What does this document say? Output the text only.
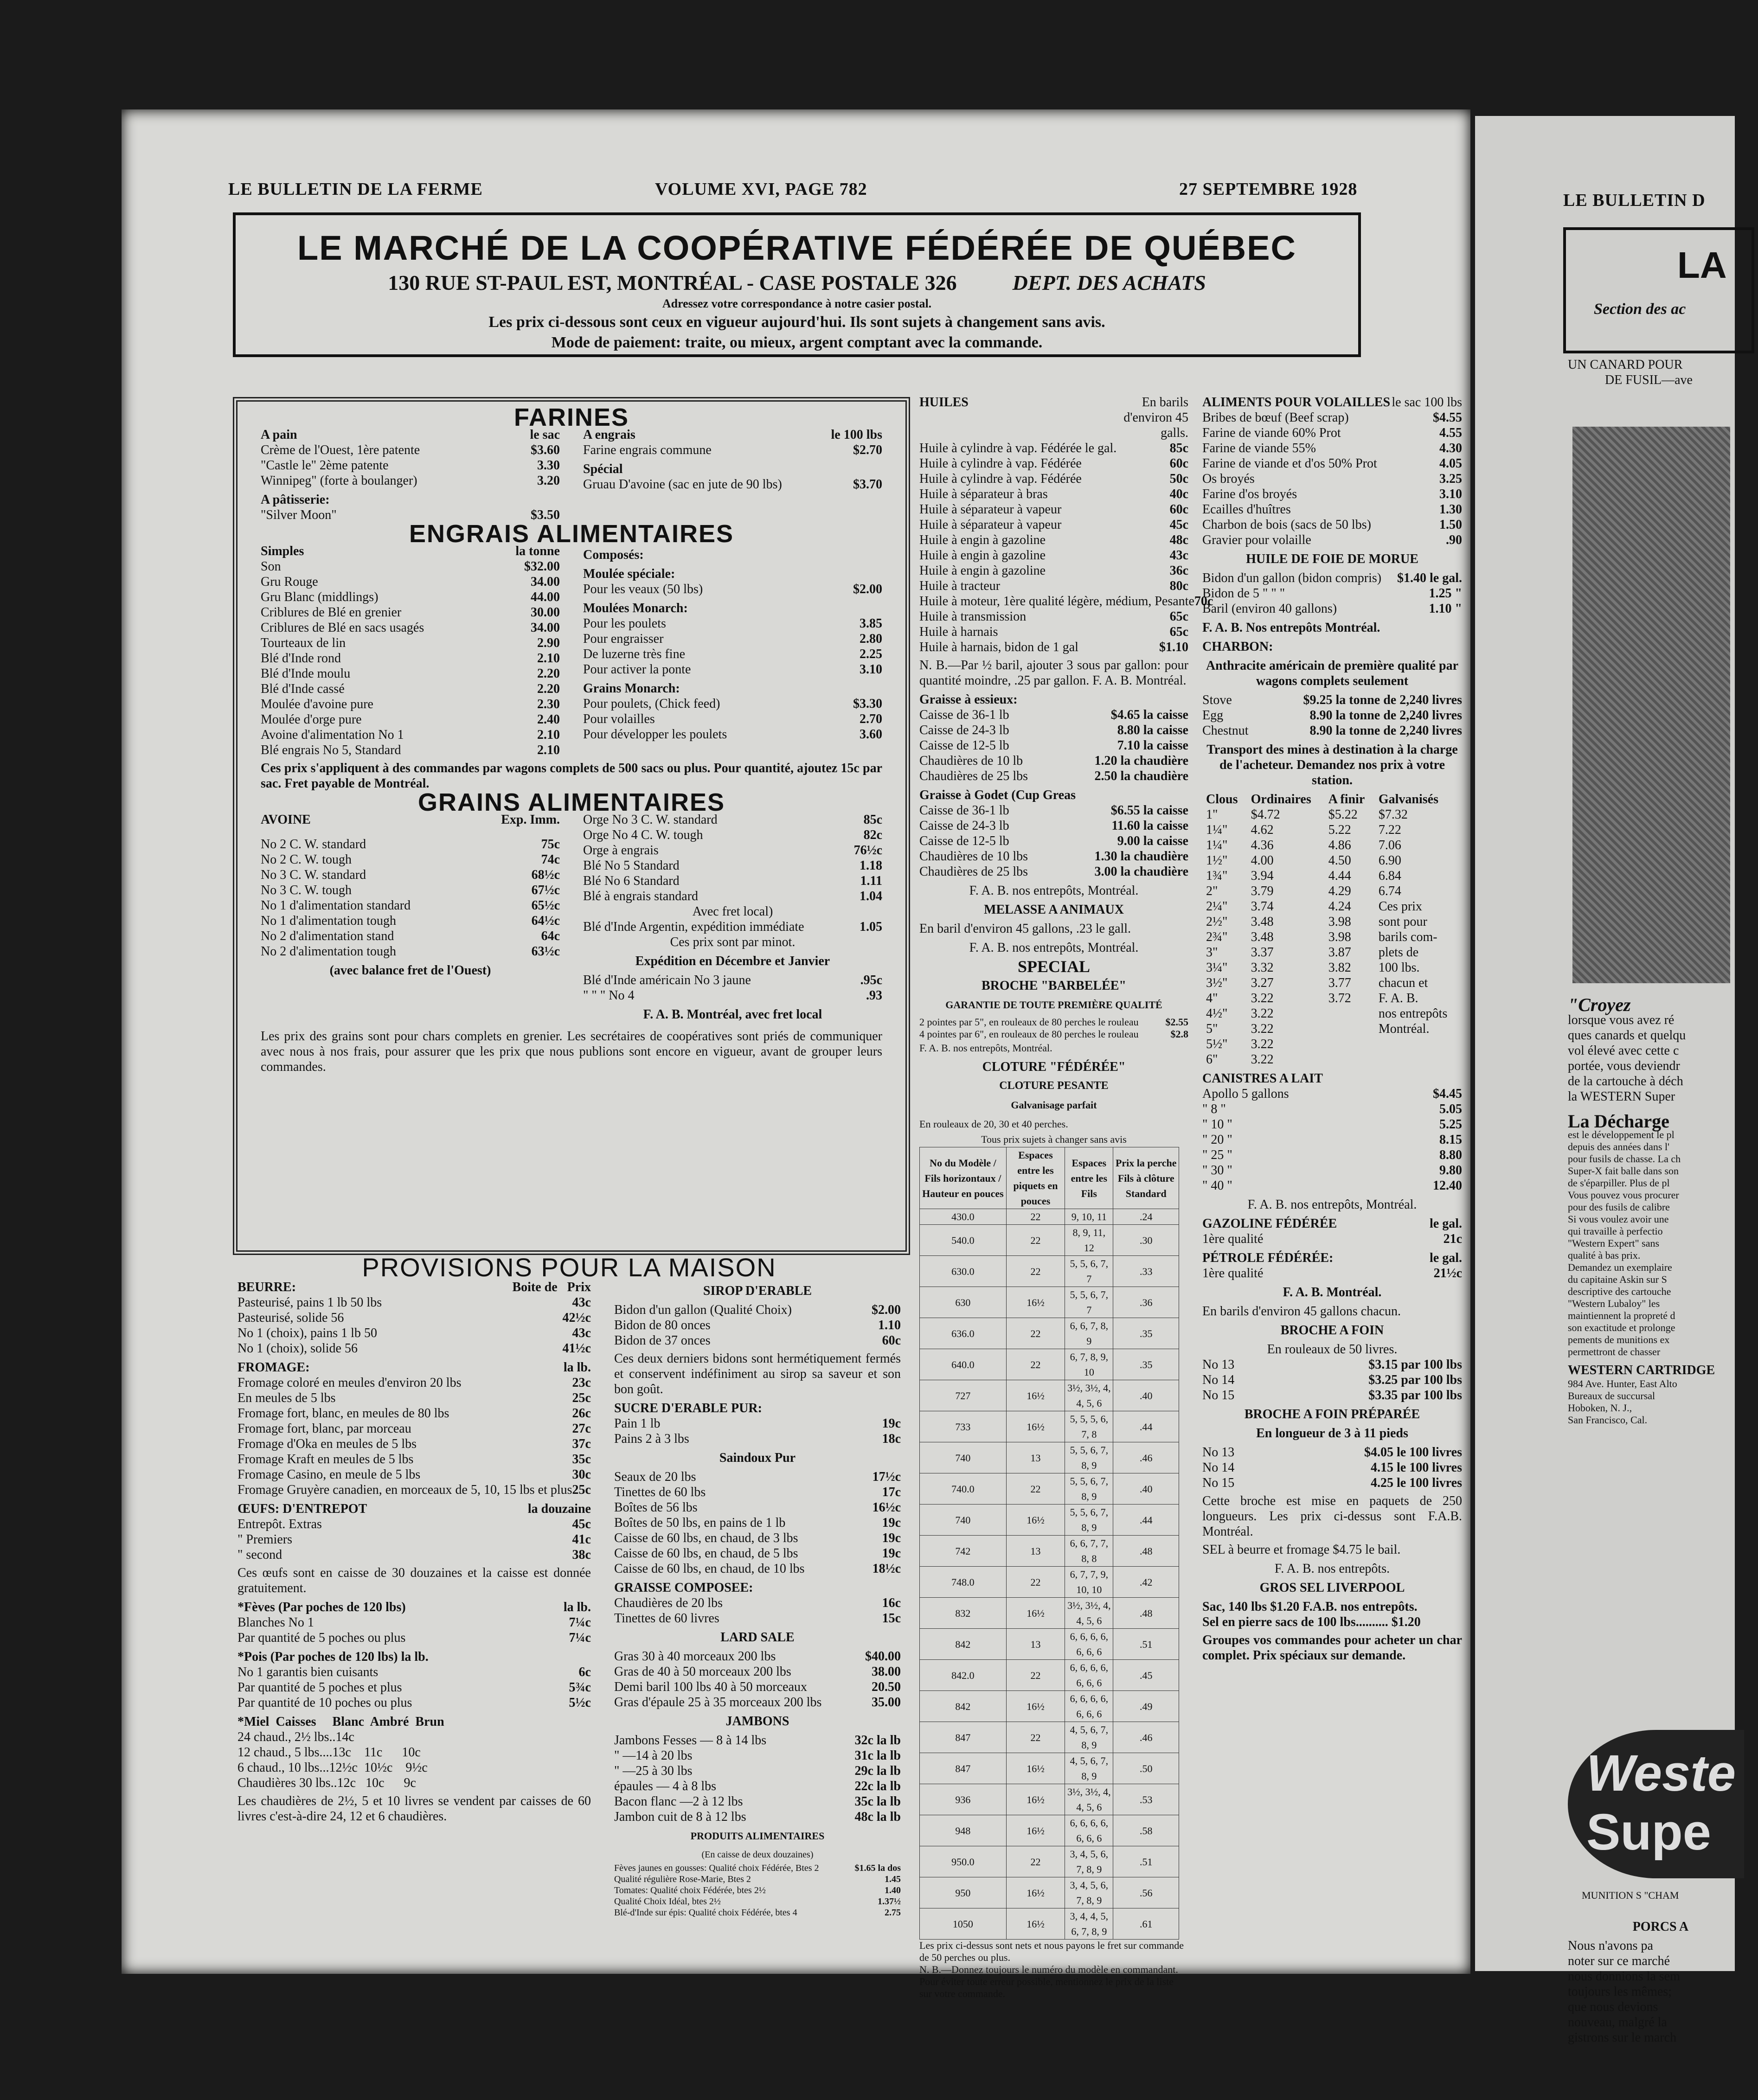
LE BULLETIN DE LA FERME	VOLUME XVI, PAGE 782	27 SEPTEMBRE 1928
LE MARCHÉ DE LA COOPÉRATIVE FÉDÉRÉE DE QUÉBEC
130 RUE ST-PAUL EST, MONTRÉAL - CASE POSTALE 326	DEPT. DES ACHATS
Adressez votre correspondance à notre casier postal.
Les prix ci-dessous sont ceux en vigueur aujourd'hui. Ils sont sujets à changement sans avis.
Mode de paiement: traite, ou mieux, argent comptant avec la commande.
FARINES
A pain	le sac
Crème de l'Ouest, 1ère patente	$3.60
"Castle le" 2ème patente	3.30
Winnipeg" (forte à boulanger)	3.20
A pâtisserie:
"Silver Moon"	$3.50
A engrais	le 100 lbs
Farine engrais commune	$2.70
Spécial
Gruau D'avoine (sac en jute de 90 lbs)	$3.70
ENGRAIS ALIMENTAIRES
Simples	la tonne
Son	$32.00
Gru Rouge	34.00
Gru Blanc (middlings)	44.00
Criblures de Blé en grenier	30.00
Criblures de Blé en sacs usagés	34.00
Tourteaux de lin	2.90
Blé d'Inde rond	2.10
Blé d'Inde moulu	2.20
Blé d'Inde cassé	2.20
Moulée d'avoine pure	2.30
Moulée d'orge pure	2.40
Avoine d'alimentation No 1	2.10
Blé engrais No 5, Standard	2.10
Composés:
Moulée spéciale:
Pour les veaux (50 lbs)	$2.00
Moulées Monarch:
Pour les poulets	3.85
Pour engraisser	2.80
De luzerne très fine	2.25
Pour activer la ponte	3.10
Grains Monarch:
Pour poulets, (Chick feed)	$3.30
Pour volailles	2.70
Pour développer les poulets	3.60
Ces prix s'appliquent à des commandes par wagons complets de 500 sacs ou plus. Pour quantité, ajoutez 15c par sac. Fret payable de Montréal.
GRAINS ALIMENTAIRES
AVOINE	Exp. Imm.
No 2 C. W. standard	75c
No 2 C. W. tough	74c
No 3 C. W. standard	68½c
No 3 C. W. tough	67½c
No 1 d'alimentation standard	65½c
No 1 d'alimentation tough	64½c
No 2 d'alimentation stand	64c
No 2 d'alimentation tough	63½c
(avec balance fret de l'Ouest)
Orge No 3 C. W. standard	85c
Orge No 4 C. W. tough	82c
Orge à engrais	76½c
Blé No 5 Standard	1.18
Blé No 6 Standard	1.11
Blé à engrais standard	1.04
Avec fret local)
Blé d'Inde Argentin, expédition immédiate	1.05
Ces prix sont par minot.
Expédition en Décembre et Janvier
Blé d'Inde américain No 3 jaune	.95c
" " " No 4	.93
F. A. B. Montréal, avec fret local
Les prix des grains sont pour chars complets en grenier. Les secrétaires de coopératives sont priés de communiquer avec nous à nos frais, pour assurer que les prix que nous publions sont encore en vigueur, avant de grouper leurs commandes.
PROVISIONS POUR LA MAISON
BEURRE:	Boite de Prix
Pasteurisé, pains 1 lb 50 lbs	43c
Pasteurisé, solide 56	42½c
No 1 (choix), pains 1 lb 50	43c
No 1 (choix), solide 56	41½c
FROMAGE:	la lb.
Fromage coloré en meules d'environ 20 lbs	23c
En meules de 5 lbs	25c
Fromage fort, blanc, en meules de 80 lbs	26c
Fromage fort, blanc, par morceau	27c
Fromage d'Oka en meules de 5 lbs	37c
Fromage Kraft en meules de 5 lbs	35c
Fromage Casino, en meule de 5 lbs	30c
Fromage Gruyère canadien, en morceaux de 5, 10, 15 lbs et plus 25c
ŒUFS: D'ENTREPOT	la douzaine
Entrepôt. Extras	45c
" Premiers	41c
" second	38c
Ces œufs sont en caisse de 30 douzaines et la caisse est donnée gratuitement.
*Fèves (Par poches de 120 lbs)	la lb.
Blanches No 1	7¼c
Par quantité de 5 poches ou plus	7¼c
*Pois (Par poches de 120 lbs) la lb.
No 1 garantis bien cuisants	6c
Par quantité de 5 poches et plus	5¾c
Par quantité de 10 poches ou plus	5½c
*Miel  Caisses     Blanc  Ambré  Brun
24 chaud., 2½ lbs..14c
12 chaud., 5 lbs....13c    11c      10c
6 chaud., 10 lbs...12½c  10½c    9½c
Chaudières 30 lbs..12c   10c      9c
Les chaudières de 2½, 5 et 10 livres se vendent par caisses de 60 livres c'est-à-dire 24, 12 et 6 chaudières.
SIROP D'ERABLE
Bidon d'un gallon (Qualité Choix)	$2.00
Bidon de 80 onces	1.10
Bidon de 37 onces	60c
Ces deux derniers bidons sont hermétiquement fermés et conservent indéfiniment au sirop sa saveur et son bon goût.
SUCRE D'ERABLE PUR:
Pain 1 lb	19c
Pains 2 à 3 lbs	18c
Saindoux Pur
Seaux de 20 lbs	17½c
Tinettes de 60 lbs	17c
Boîtes de 56 lbs	16½c
Boîtes de 50 lbs, en pains de 1 lb	19c
Caisse de 60 lbs, en chaud, de 3 lbs	19c
Caisse de 60 lbs, en chaud, de 5 lbs	19c
Caisse de 60 lbs, en chaud, de 10 lbs	18½c
GRAISSE COMPOSEE:
Chaudières de 20 lbs	16c
Tinettes de 60 livres	15c
LARD SALE
Gras 30 à 40 morceaux 200 lbs	$40.00
Gras de 40 à 50 morceaux 200 lbs	38.00
Demi baril 100 lbs 40 à 50 morceaux	20.50
Gras d'épaule 25 à 35 morceaux 200 lbs	35.00
JAMBONS
Jambons Fesses — 8 à 14 lbs	32c la lb
" —14 à 20 lbs	31c la lb
" —25 à 30 lbs	29c la lb
épaules — 4 à 8 lbs	22c la lb
Bacon flanc —2 à 12 lbs	35c la lb
Jambon cuit de 8 à 12 lbs	48c la lb
PRODUITS ALIMENTAIRES
(En caisse de deux douzaines)
Fèves jaunes en gousses: Qualité choix Fédérée, Btes 2	$1.65 la dos
Qualité régulière Rose-Marie, Btes 2	1.45
Tomates: Qualité choix Fédérée, btes 2½	1.40
Qualité Choix Idéal, btes 2½	1.37½
Blé-d'Inde sur épis: Qualité choix Fédérée, btes 4	2.75
HUILES	En barils d'environ 45 galls.
Huile à cylindre à vap. Fédérée le gal.	85c
Huile à cylindre à vap. Fédérée	60c
Huile à cylindre à vap. Fédérée	50c
Huile à séparateur à bras	40c
Huile à séparateur à vapeur	60c
Huile à séparateur à vapeur	45c
Huile à engin à gazoline	48c
Huile à engin à gazoline	43c
Huile à engin à gazoline	36c
Huile à tracteur	80c
Huile à moteur, 1ère qualité légère, médium, Pesante 70c
Huile à transmission	65c
Huile à harnais	65c
Huile à harnais, bidon de 1 gal	$1.10
N. B.—Par ½ baril, ajouter 3 sous par gallon: pour quantité moindre, .25 par gallon. F. A. B. Montréal.
Graisse à essieux:
Caisse de 36-1 lb	$4.65 la caisse
Caisse de 24-3 lb	8.80 la caisse
Caisse de 12-5 lb	7.10 la caisse
Chaudières de 10 lb	1.20 la chaudière
Chaudières de 25 lbs	2.50 la chaudière
Graisse à Godet (Cup Greas
Caisse de 36-1 lb	$6.55 la caisse
Caisse de 24-3 lb	11.60 la caisse
Caisse de 12-5 lb	9.00 la caisse
Chaudières de 10 lbs	1.30 la chaudière
Chaudières de 25 lbs	3.00 la chaudière
F. A. B. nos entrepôts, Montréal.
MELASSE A ANIMAUX
En baril d'environ 45 gallons, .23 le gall.
F. A. B. nos entrepôts, Montréal.
SPECIAL
BROCHE "BARBELÉE"
GARANTIE DE TOUTE PREMIÈRE QUALITÉ
2 pointes par 5", en rouleaux de 80 perches le rouleau	$2.55
4 pointes par 6", en rouleaux de 80 perches le rouleau	$2.8
F. A. B. nos entrepôts, Montréal.
CLOTURE "FÉDÉRÉE"
CLOTURE PESANTE
Galvanisage parfait
En rouleaux de 20, 30 et 40 perches.
Tous prix sujets à changer sans avis
No du Modèle / Fils horizontaux / Hauteur en pouces	Espaces entre les piquets en pouces	Espaces entre les Fils	Prix la perche Fils à clôture Standard
430.0	22	9, 10, 11	.24
540.0	22	8, 9, 11, 12	.30
630.0	22	5, 5, 6, 7, 7	.33
630	16½	5, 5, 6, 7, 7	.36
636.0	22	6, 6, 7, 8, 9	.35
640.0	22	6, 7, 8, 9, 10	.35
727	16½	3½, 3½, 4, 4, 5, 6	.40
733	16½	5, 5, 5, 6, 7, 8	.44
740	13	5, 5, 6, 7, 8, 9	.46
740.0	22	5, 5, 6, 7, 8, 9	.40
740	16½	5, 5, 6, 7, 8, 9	.44
742	13	6, 6, 7, 7, 8, 8	.48
748.0	22	6, 7, 7, 9, 10, 10	.42
832	16½	3½, 3½, 4, 4, 5, 6	.48
842	13	6, 6, 6, 6, 6, 6, 6	.51
842.0	22	6, 6, 6, 6, 6, 6, 6	.45
842	16½	6, 6, 6, 6, 6, 6, 6	.49
847	22	4, 5, 6, 7, 8, 9	.46
847	16½	4, 5, 6, 7, 8, 9	.50
936	16½	3½, 3½, 4, 4, 5, 6	.53
948	16½	6, 6, 6, 6, 6, 6, 6	.58
950.0	22	3, 4, 5, 6, 7, 8, 9	.51
950	16½	3, 4, 5, 6, 7, 8, 9	.56
1050	16½	3, 4, 4, 5, 6, 7, 8, 9	.61
Les prix ci-dessus sont nets et nous payons le fret sur commande de 50 perches ou plus.
N. B.—Donnez toujours le numéro du modèle en commandant. Pour éviter toute erreur possible, mentionnez le prix de la liste sur votre commande.
ALIMENTS POUR VOLAILLES le sac 100 lbs
Bribes de bœuf (Beef scrap)	$4.55
Farine de viande 60% Prot	4.55
Farine de viande 55%	4.30
Farine de viande et d'os 50% Prot	4.05
Os broyés	3.25
Farine d'os broyés	3.10
Ecailles d'huîtres	1.30
Charbon de bois (sacs de 50 lbs)	1.50
Gravier pour volaille	.90
HUILE DE FOIE DE MORUE
Bidon d'un gallon (bidon compris) $1.40 le gal.
Bidon de 5 " " "	1.25 "
Baril (environ 40 gallons)	1.10 "
F. A. B. Nos entrepôts Montréal.
CHARBON:
Anthracite américain de première qualité par wagons complets seulement
Stove	$9.25 la tonne de 2,240 livres
Egg	8.90 la tonne de 2,240 livres
Chestnut	8.90 la tonne de 2,240 livres
Transport des mines à destination à la charge de l'acheteur. Demandez nos prix à votre station.
Clous	Ordinaires	A finir	Galvanisés
1"	$4.72	$5.22	$7.32
1¼"	4.62	5.22	7.22
1¼"	4.36	4.86	7.06
1½"	4.00	4.50	6.90
1¾"	3.94	4.44	6.84
2"	3.79	4.29	6.74
2¼"	3.74	4.24	Ces prix
2½"	3.48	3.98	sont pour
2¾"	3.48	3.98	barils com-
3"	3.37	3.87	plets de
3¼"	3.32	3.82	100 lbs.
3½"	3.27	3.77	chacun et
4"	3.22	3.72	F. A. B.
4½"	3.22		nos entrepôts
5"	3.22		Montréal.
5½"	3.22		
6"	3.22		
CANISTRES A LAIT
Apollo 5 gallons	$4.45
" 8 "	5.05
" 10 "	5.25
" 20 "	8.15
" 25 "	8.80
" 30 "	9.80
" 40 "	12.40
F. A. B. nos entrepôts, Montréal.
GAZOLINE FÉDÉRÉE	le gal.
1ère qualité	21c
PÉTROLE FÉDÉRÉE:	le gal.
1ère qualité	21½c
F. A. B. Montréal.
En barils d'environ 45 gallons chacun.
BROCHE A FOIN
En rouleaux de 50 livres.
No 13	$3.15 par 100 lbs
No 14	$3.25 par 100 lbs
No 15	$3.35 par 100 lbs
BROCHE A FOIN PRÉPARÉE
En longueur de 3 à 11 pieds
No 13	$4.05 le 100 livres
No 14	4.15 le 100 livres
No 15	4.25 le 100 livres
Cette broche est mise en paquets de 250 longueurs. Les prix ci-dessus sont F.A.B. Montréal.
SEL à beurre et fromage $4.75 le bail.
F. A. B. nos entrepôts.
GROS SEL LIVERPOOL
Sac, 140 lbs $1.20 F.A.B. nos entrepôts.
Sel en pierre sacs de 100 lbs.......... $1.20
Groupes vos commandes pour acheter un char complet. Prix spéciaux sur demande.
LE BULLETIN D
LA
Section des ac
UN CANARD POUR
DE FUSIL—ave
"Croyez
lorsque vous avez ré
ques canards et quelqu
vol élevé avec cette c
portée, vous deviendr
de la cartouche à déch
la WESTERN Super
La Décharge
est le développement le pl
depuis des années dans l'
pour fusils de chasse. La ch
Super-X fait balle dans son
de s'éparpiller. Plus de pl
Vous pouvez vous procurer
pour des fusils de calibre
Si vous voulez avoir une
qui travaille à perfectio
"Western Expert" sans
qualité à bas prix.
Demandez un exemplaire
du capitaine Askin sur S
descriptive des cartouche
"Western Lubaloy" les
maintiennent la propreté d
son exactitude et prolonge
pements de munitions ex
permettront de chasser
WESTERN CARTRIDGE
984 Ave. Hunter, East Alto
Bureaux de succursal
Hoboken, N. J.,
San Francisco, Cal.
Weste
Supe
MUNITION S "CHAM
PORCS A
Nous n'avons pa
noter sur ce marché
nous donnions la sem
toujours les mêmes;
que nous devions
nouveau, malgré la
gistrons sur le march
